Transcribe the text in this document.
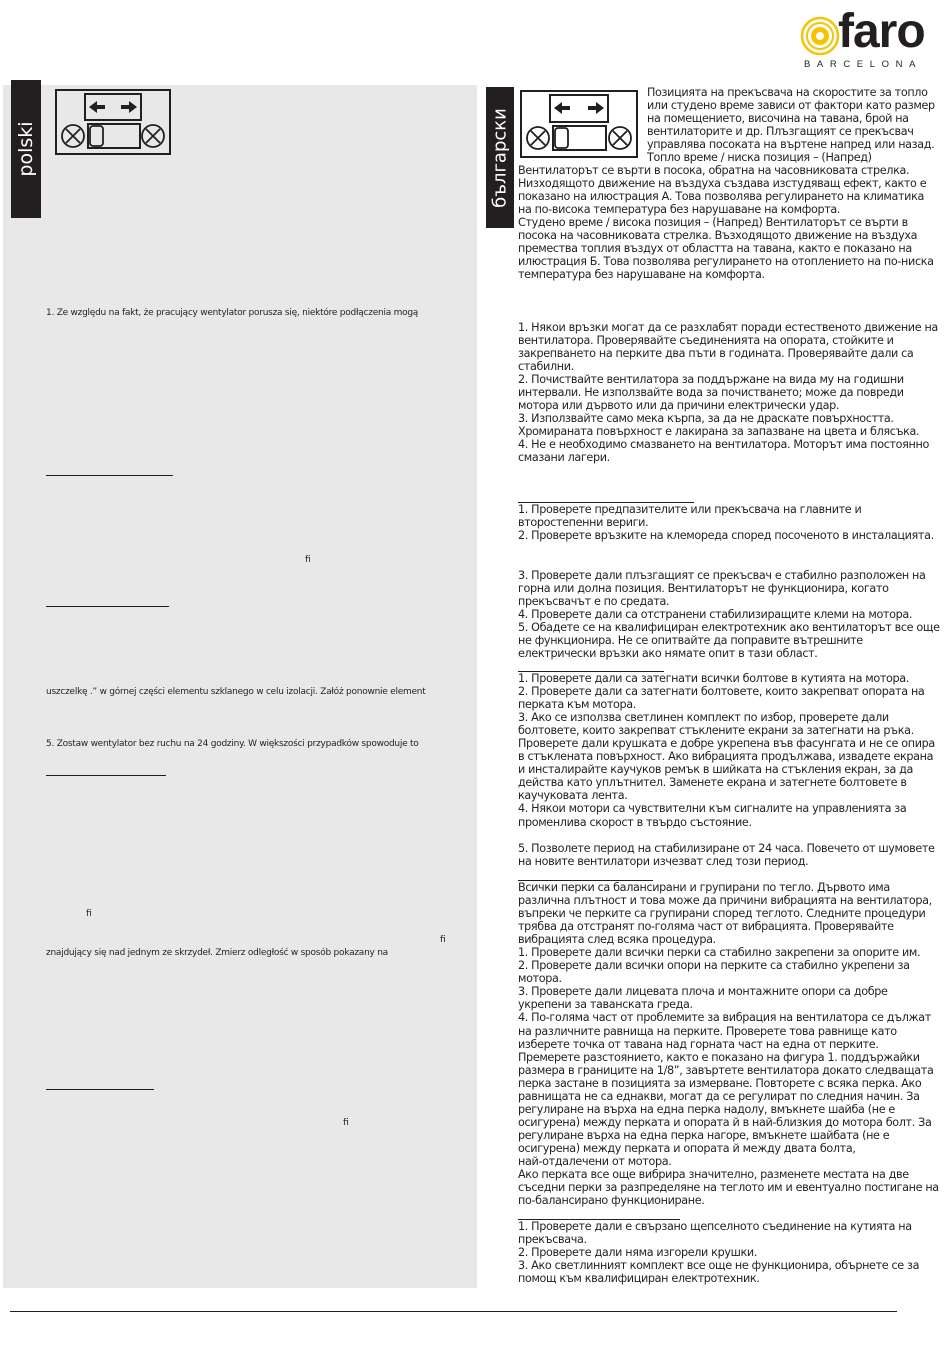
faro
BARCELONA
polski
1. Ze względu na fakt, że pracujący wentylator porusza się, niektóre podłączenia mogą
fi
uszczelkę .” w górnej części elementu szklanego w celu izolacji. Załóż ponownie element
5. Zostaw wentylator bez ruchu na 24 godziny. W większości przypadków spowoduje to
fi
fi
znajdujący się nad jednym ze skrzydeł. Zmierz odległość w sposób pokazany na
fi
български
Позицията на прекъсвача на скоростите за топло
или студено време зависи от фактори като размер
на помещението, височина на тавана, брой на
вентилаторите и др. Плъзгащият се прекъсвач
управлява посоката на въртене напред или назад.
Топло време / ниска позиция – (Напред)
Вентилаторът се върти в посока, обратна на часовниковата стрелка.
Низходящото движение на въздуха създава изстудяващ ефект, както е
показано на илюстрация А. Това позволява регулирането на климатика
на по-висока температура без нарушаване на комфорта.
Студено време / висока позиция – (Напред) Вентилаторът се върти в
посока на часовниковата стрелка. Възходящото движение на въздуха
премества топлия въздух от областта на тавана, както е показано на
илюстрация Б. Това позволява регулирането на отоплението на по-ниска
температура без нарушаване на комфорта.
1. Някои връзки могат да се разхлабят поради естественото движение на
вентилатора. Проверявайте съединенията на опората, стойките и
закрепването на перките два пъти в годината. Проверявайте дали са
стабилни.
2. Почиствайте вентилатора за поддържане на вида му на годишни
интервали. Не използвайте вода за почистването; може да повреди
мотора или дървото или да причини електрически удар.
3. Използвайте само мека кърпа, за да не драскате повърхността.
Хромираната повърхност е лакирана за запазване на цвета и блясъка.
4. Не е необходимо смазването на вентилатора. Моторът има постоянно
смазани лагери.
1. Проверете предпазителите или прекъсвача на главните и
второстепенни вериги.
2. Проверете връзките на клемореда според посоченото в инсталацията.
3. Проверете дали плъзгащият се прекъсвач е стабилно разположен на
горна или долна позиция. Вентилаторът не функционира, когато
прекъсвачът е по средата.
4. Проверете дали са отстранени стабилизиращите клеми на мотора.
5. Обадете се на квалифициран електротехник ако вентилаторът все още
не функционира. Не се опитвайте да поправите вътрешните
електрически връзки ако нямате опит в тази област.
1. Проверете дали са затегнати всички болтове в кутията на мотора.
2. Проверете дали са затегнати болтовете, които закрепват опората на
перката към мотора.
3. Ако се използва светлинен комплект по избор, проверете дали
болтовете, които закрепват стъклените екрани за затегнати на ръка.
Проверете дали крушката е добре укрепена във фасунгата и не се опира
в стъклената повърхност. Ако вибрацията продължава, извадете екрана
и инсталирайте каучуков ремък в шийката на стъкления екран, за да
действа като уплътнител. Заменете екрана и затегнете болтовете в
каучуковата лента.
4. Някои мотори са чувствителни към сигналите на управленията за
променлива скорост в твърдо състояние.
5. Позволете период на стабилизиране от 24 часа. Повечето от шумовете
на новите вентилатори изчезват след този период.
Всички перки са балансирани и групирани по тегло. Дървото има
различна плътност и това може да причини вибрацията на вентилатора,
въпреки че перките са групирани според теглото. Следните процедури
трябва да отстранят по-голяма част от вибрацията. Проверявайте
вибрацията след всяка процедура.
1. Проверете дали всички перки са стабилно закрепени за опорите им.
2. Проверете дали всички опори на перките са стабилно укрепени за
мотора.
3. Проверете дали лицевата плоча и монтажните опори са добре
укрепени за таванската греда.
4. По-голяма част от проблемите за вибрация на вентилатора се дължат
на различните равнища на перките. Проверете това равнище като
изберете точка от тавана над горната част на една от перките.
Премерете разстоянието, както е показано на фигура 1. поддържайки
размера в границите на 1/8”, завъртете вентилатора докато следващата
перка застане в позицията за измерване. Повторете с всяка перка. Ако
равнищата не са еднакви, могат да се регулират по следния начин. За
регулиране на върха на една перка надолу, вмъкнете шайба (не е
осигурена) между перката и опората й в най-близкия до мотора болт. За
регулиране върха на една перка нагоре, вмъкнете шайбата (не е
осигурена) между перката и опората й между двата болта,
най-отдалечени от мотора.
Ако перката все още вибрира значително, разменете местата на две
съседни перки за разпределяне на теглото им и евентуално постигане на
по-балансирано функциониране.
1. Проверете дали е свързано щепселното съединение на кутията на
прекъсвача.
2. Проверете дали няма изгорели крушки.
3. Ако светлинният комплект все още не функционира, обърнете се за
помощ към квалифициран електротехник.
